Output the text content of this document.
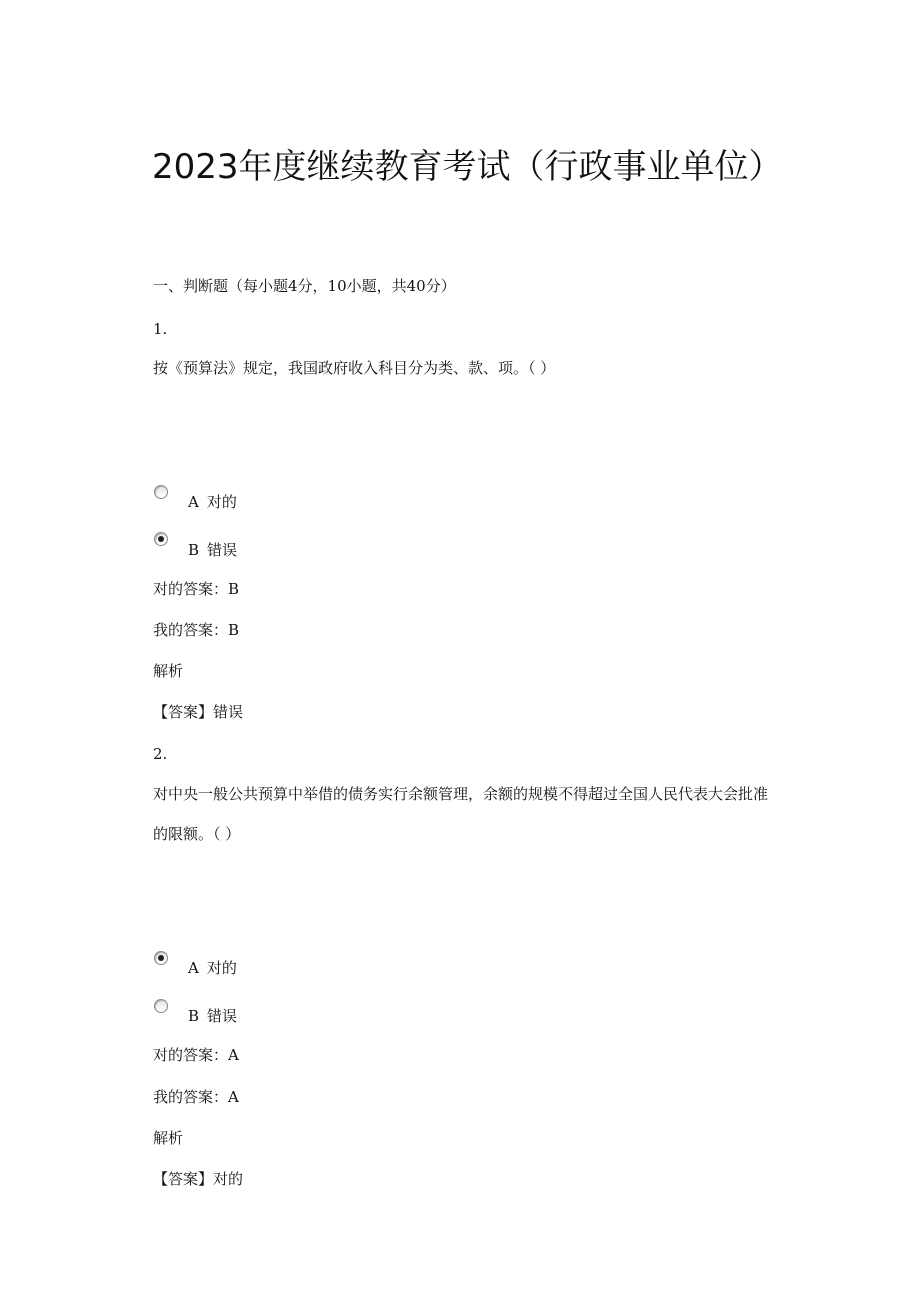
2023年度继续教育考试（行政事业单位）
一、判断题（每小题4分，10小题，共40分）
1.
按《预算法》规定，我国政府收入科目分为类、款、项。（ ）
A 对的
B 错误
对的答案：B
我的答案：B
解析
【答案】错误
2.
对中央一般公共预算中举借的债务实行余额管理，余额的规模不得超过全国人民代表大会批准的限额。（ ）
A 对的
B 错误
对的答案：A
我的答案：A
解析
【答案】对的
